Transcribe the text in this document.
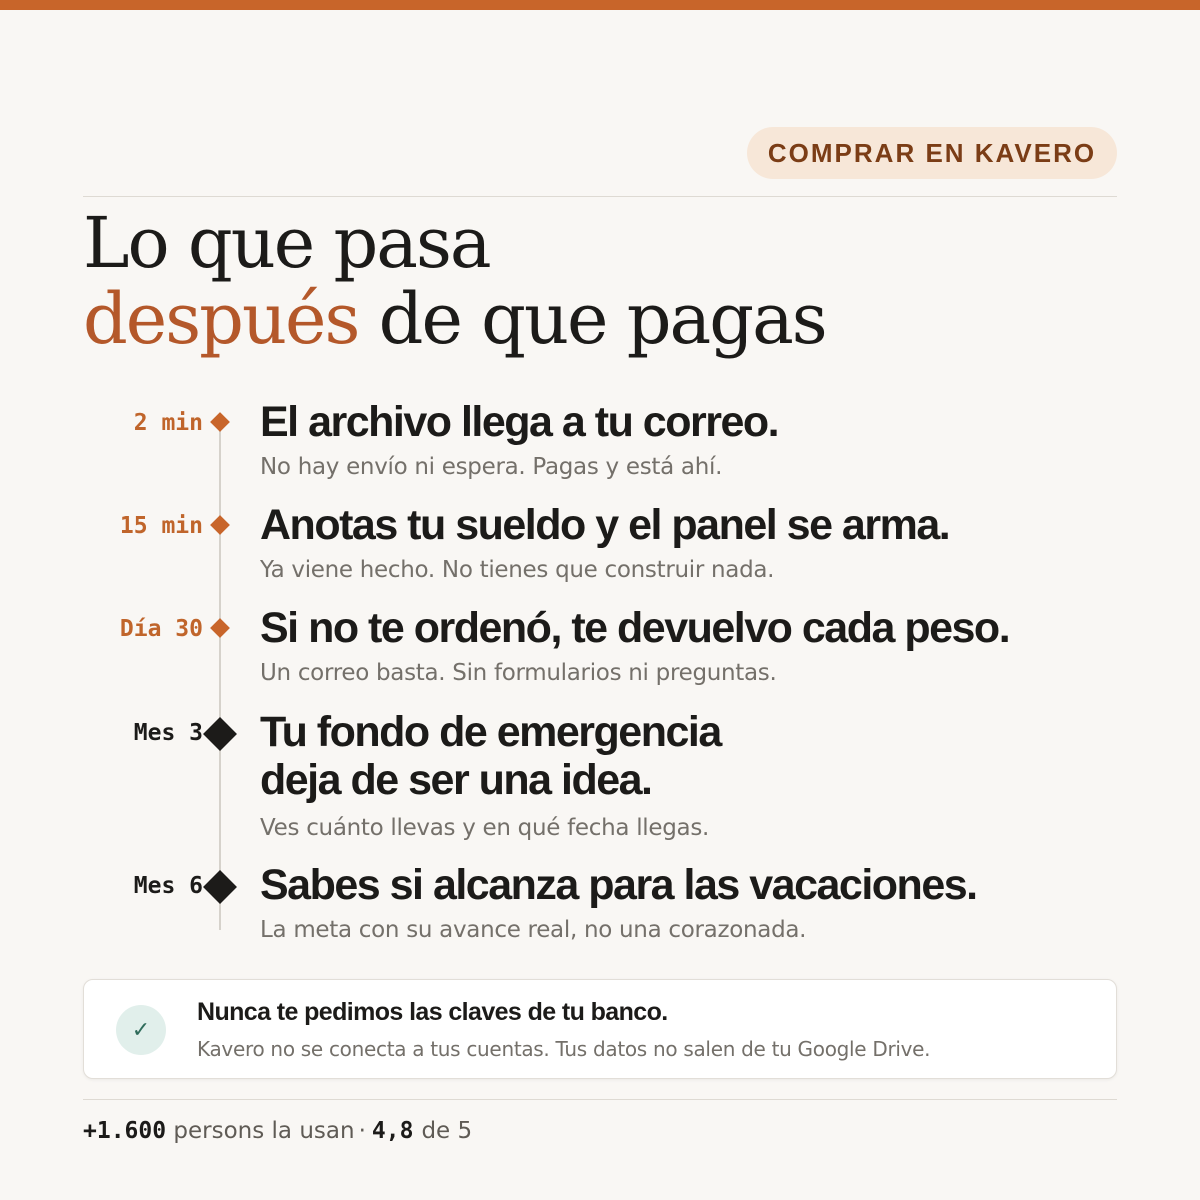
COMPRAR EN KAVERO
Lo que pasa
después de que pagas
2 min El archivo llega a tu correo.

No hay envío ni espera. Pagas y está ahí.

15 min Anotas tu sueldo y el panel se arma.

Ya viene hecho. No tienes que construir nada.

Día 30 Si no te ordenó, te devuelvo cada peso.

Un correo basta. Sin formularios ni preguntas.

Mes 3 Tu fondo de emergencia
deja de ser una idea.

Ves cuánto llevas y en qué fecha llegas.

Mes 6 Sabes si alcanza para las vacaciones.

La meta con su avance real, no una corazonada.

✓

Nunca te pedimos las claves de tu banco.

Kavero no se conecta a tus cuentas. Tus datos no salen de tu Google Drive.

+1.600
persons la usan · 4,8 de 5
